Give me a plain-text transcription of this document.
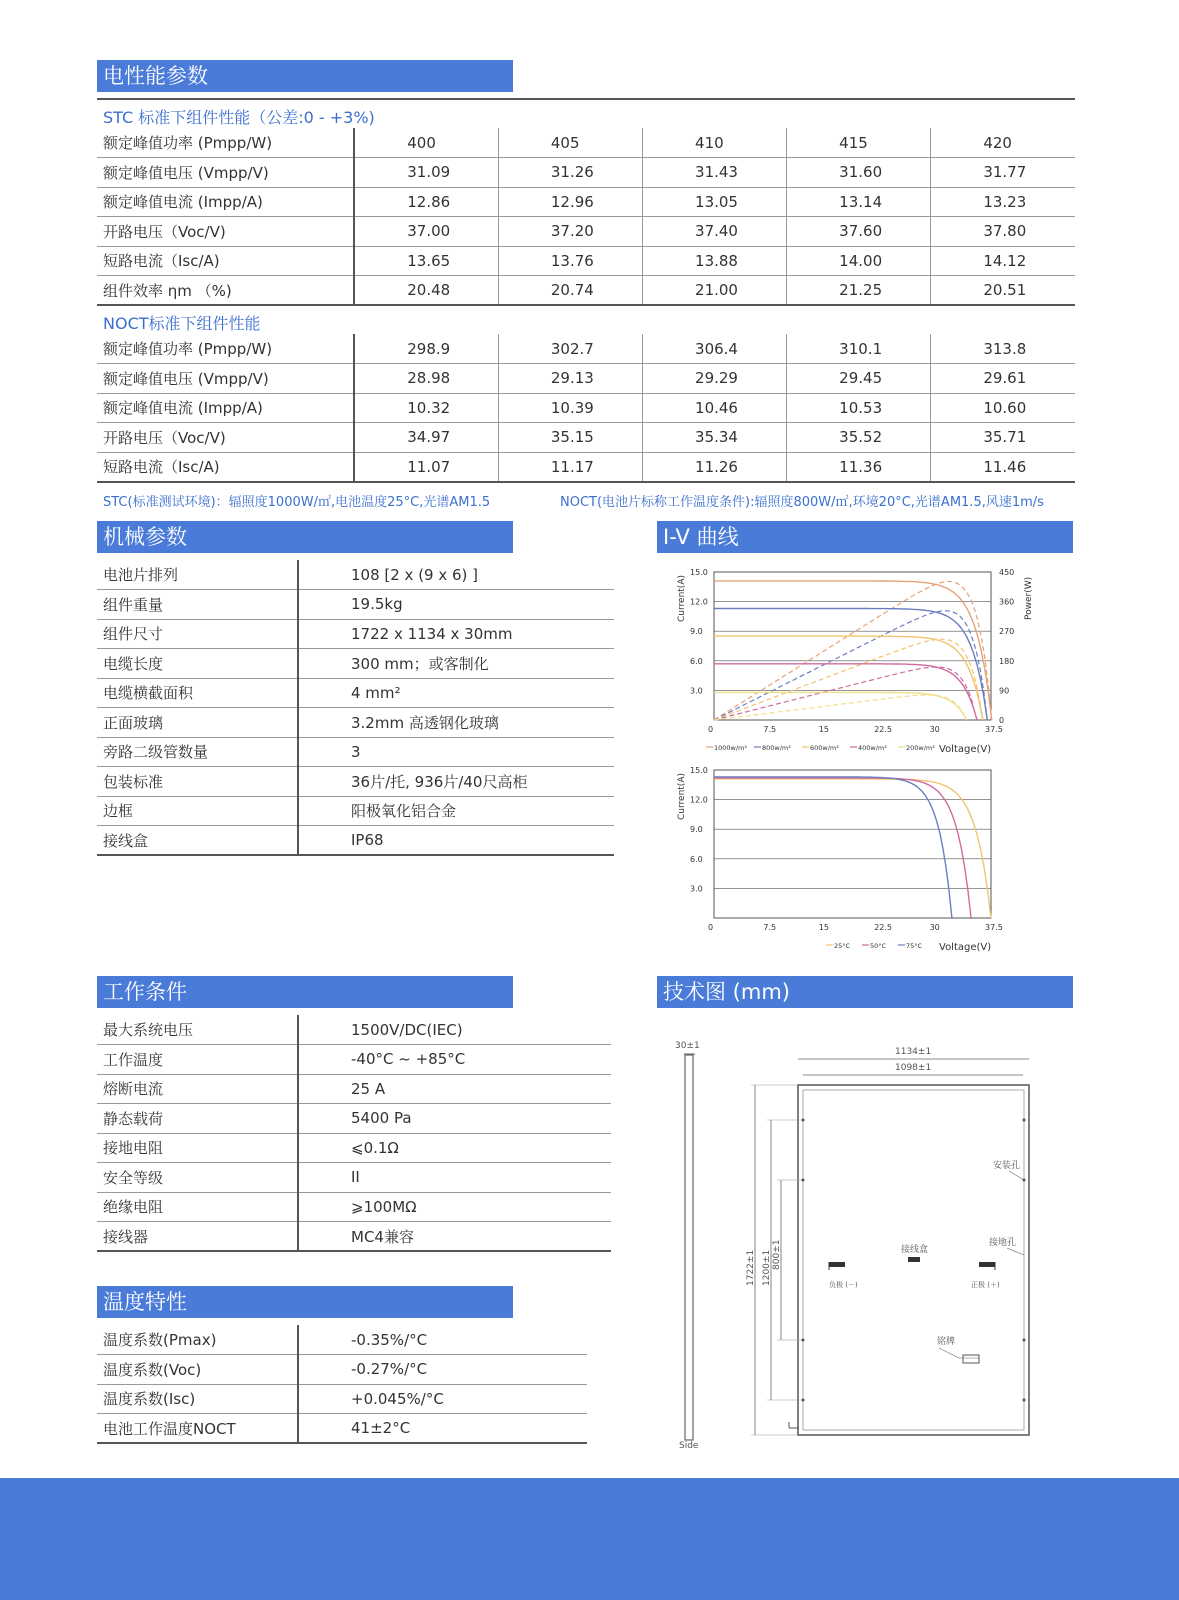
电性能参数
STC 标准下组件性能（公差:0 - +3%)
额定峰值功率 (Pmpp/W)	400	405	410	415	420
额定峰值电压 (Vmpp/V)	31.09	31.26	31.43	31.60	31.77
额定峰值电流 (Impp/A)	12.86	12.96	13.05	13.14	13.23
开路电压（Voc/V)	37.00	37.20	37.40	37.60	37.80
短路电流（Isc/A)	13.65	13.76	13.88	14.00	14.12
组件效率 ηm （%)	20.48	20.74	21.00	21.25	20.51
NOCT标准下组件性能
额定峰值功率 (Pmpp/W)	298.9	302.7	306.4	310.1	313.8
额定峰值电压 (Vmpp/V)	28.98	29.13	29.29	29.45	29.61
额定峰值电流 (Impp/A)	10.32	10.39	10.46	10.53	10.60
开路电压（Voc/V)	34.97	35.15	35.34	35.52	35.71
短路电流（Isc/A)	11.07	11.17	11.26	11.36	11.46
STC(标准测试环境)：辐照度1000W/㎡,电池温度25°C,光谱AM1.5	NOCT(电池片标称工作温度条件):辐照度800W/㎡,环境20°C,光谱AM1.5,风速1m/s
机械参数
电池片排列	108 [2 x (9 x 6) ]
组件重量	19.5kg
组件尺寸	1722 x 1134 x 30mm
电缆长度	300 mm；或客制化
电缆横截面积	4 mm²
正面玻璃	3.2mm 高透钢化玻璃
旁路二级管数量	3
包装标准	36片/托, 936片/40尺高柜
边框	阳极氧化铝合金
接线盒	IP68
I-V 曲线
15.0
12.0
9.0
6.0
3.0
0	7.5	15	22.5	30	37.5
450
360
270
180
90
0
Power(W)
Current(A)
Voltage(V)
1000w/m² 800w/m²	600w/m²	400w/m²	200w/m²
15.0
12.0
9.0
6.0
3.0
0	7.5	15	22.5	30	37.5
Current(A)
Voltage(V)
25°C	50°C	75°C
工作条件
最大系统电压	1500V/DC(IEC)
工作温度	-40°C ~ +85°C
熔断电流	25 A
静态载荷	5400 Pa
接地电阻	⩽0.1Ω
安全等级	II
绝缘电阻	⩾100MΩ
接线器	MC4兼容
温度特性
温度系数(Pmax)	-0.35%/°C
温度系数(Voc)	-0.27%/°C
温度系数(Isc)	+0.045%/°C
电池工作温度NOCT	41±2°C
技术图 (mm)
30±1
Side
1134±1
1098±1
1722±1 1200±1 800±1
安装孔
接线盒
负极 (－)	正极 (＋)
接地孔
铭牌
